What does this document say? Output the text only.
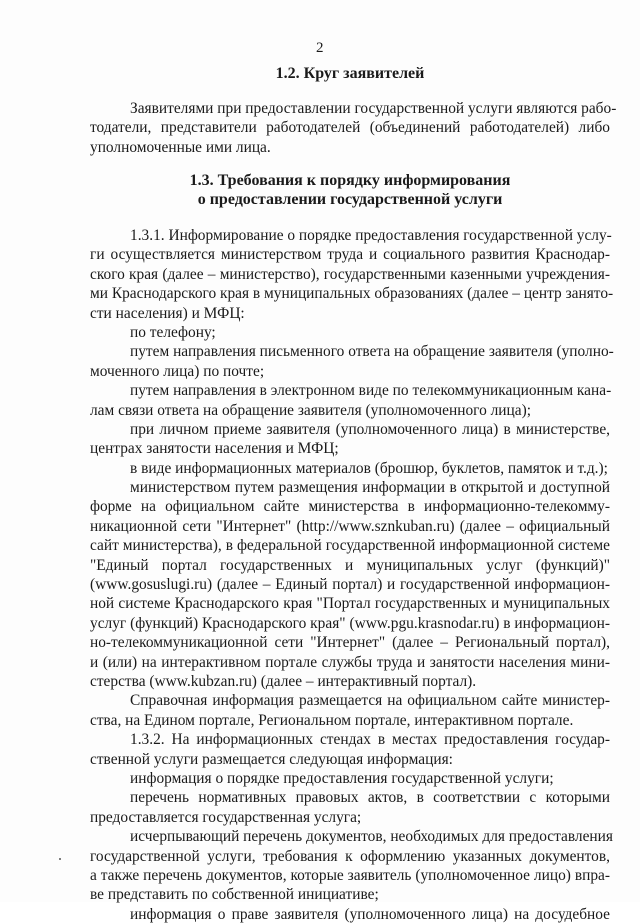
2
1.2. Круг заявителей
Заявителями при предоставлении государственной услуги являются рабо-
тодатели, представители работодателей (объединений работодателей) либо
уполномоченные ими лица.
1.3. Требования к порядку информирования
о предоставлении государственной услуги
1.3.1. Информирование о порядке предоставления государственной услу-
ги осуществляется министерством труда и социального развития Краснодар-
ского края (далее – министерство), государственными казенными учреждения-
ми Краснодарского края в муниципальных образованиях (далее – центр занято-
сти населения) и МФЦ:
по телефону;
путем направления письменного ответа на обращение заявителя (уполно-
моченного лица) по почте;
путем направления в электронном виде по телекоммуникационным кана-
лам связи ответа на обращение заявителя (уполномоченного лица);
при личном приеме заявителя (уполномоченного лица) в министерстве,
центрах занятости населения и МФЦ;
в виде информационных материалов (брошюр, буклетов, памяток и т.д.);
министерством путем размещения информации в открытой и доступной
форме на официальном сайте министерства в информационно-телекомму-
никационной сети "Интернет" (http://www.sznkuban.ru) (далее – официальный
сайт министерства), в федеральной государственной информационной системе
"Единый портал государственных и муниципальных услуг (функций)"
(www.gosuslugi.ru) (далее – Единый портал) и государственной информацион-
ной системе Краснодарского края "Портал государственных и муниципальных
услуг (функций) Краснодарского края" (www.pgu.krasnodar.ru) в информацион-
но-телекоммуникационной сети "Интернет" (далее – Региональный портал),
и (или) на интерактивном портале службы труда и занятости населения мини-
стерства (www.kubzan.ru) (далее – интерактивный портал).
Справочная информация размещается на официальном сайте министер-
ства, на Едином портале, Региональном портале, интерактивном портале.
1.3.2. На информационных стендах в местах предоставления государ-
ственной услуги размещается следующая информация:
информация о порядке предоставления государственной услуги;
перечень нормативных правовых актов, в соответствии с которыми
предоставляется государственная услуга;
исчерпывающий перечень документов, необходимых для предоставления
государственной услуги, требования к оформлению указанных документов,
а также перечень документов, которые заявитель (уполномоченное лицо) впра-
ве представить по собственной инициативе;
информация о праве заявителя (уполномоченного лица) на досудебное
